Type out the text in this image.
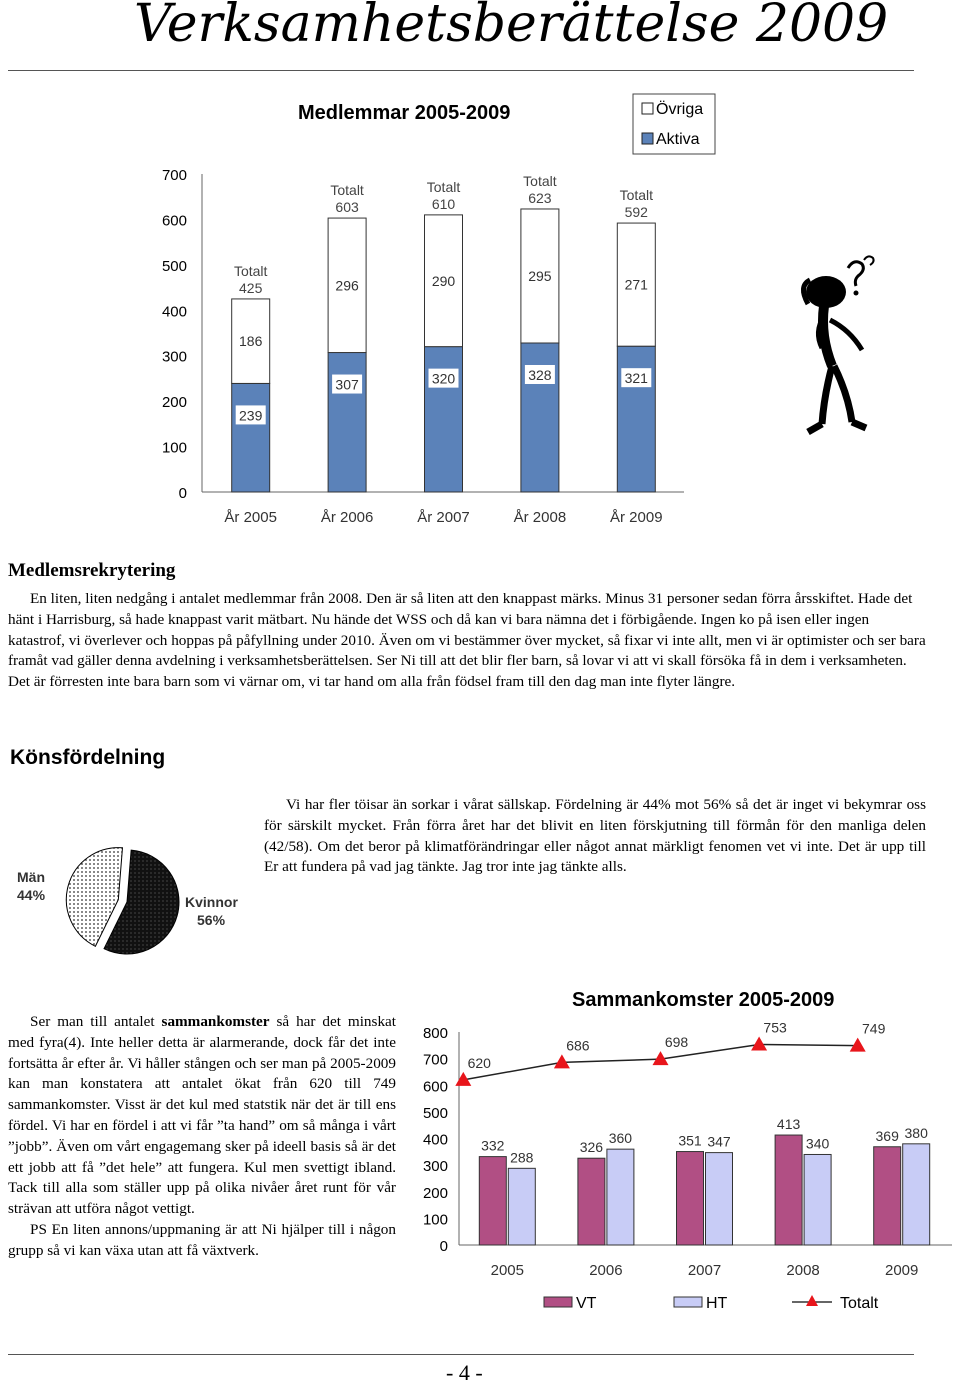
Verksamhetsberättelse 2009
Medlemmar 2005-2009	Övriga
Aktiva
0
100
200
300
400
500
600
700
239
186
Totalt
425
År 2005
307
296
Totalt
603
År 2006
320
290
Totalt
610
År 2007
328
295
Totalt
623
År 2008
321
271
Totalt
592
År 2009
Medlemsrekrytering
En liten, liten nedgång i antalet medlemmar från 2008. Den är så liten att den knappast märks. Minus 31 personer sedan förra årsskiftet. Hade det hänt i Harrisburg, så hade knappast varit mätbart. Nu hände det WSS och då kan vi bara nämna det i förbigående. Ingen ko på isen eller ingen katastrof, vi överlever och hoppas på påfyllning under 2010. Även om vi bestämmer över mycket, så fixar vi inte allt, men vi är optimister och ser bara framåt vad gäller denna avdelning i verksamhetsberättelsen. Ser Ni till att det blir fler barn, så lovar vi att vi skall försöka få in dem i verksamheten. Det är förresten inte bara barn som vi värnar om, vi tar hand om alla från födsel fram till den dag man inte flyter längre.
Könsfördelning
Män
44%	Kvinnor
56%
Vi har fler töisar än sorkar i vårat sällskap. Fördelning är 44% mot 56% så det är inget vi bekymrar oss för särskilt mycket. Från förra året har det blivit en liten förskjutning till förmån för den manliga delen (42/58). Om det beror på klimatförändringar eller något annat märkligt fenomen vet vi inte. Det är upp till Er att fundera på vad jag tänkte. Jag tror inte jag tänkte alls.
Ser man till antalet sammankomster så har det minskat med fyra(4). Inte heller detta är alarmerande, dock får det inte fortsätta år efter år. Vi håller stången och ser man på 2005-2009 kan man konstatera att antalet ökat från 620 till 749 sammankomster. Visst är det kul med statstik när det är till ens fördel. Vi har en fördel i att vi får ”ta hand” om så många i vårt ”jobb”. Även om vårt engagemang sker på ideell basis så är det ett jobb att få ”det hele” att fungera. Kul men svettigt ibland. Tack till alla som ställer upp på olika nivåer året runt för vår strävan att utföra något vettigt.
PS En liten annons/uppmaning är att Ni hjälper till i någon grupp så vi kan växa utan att få växtverk.
Sammankomster 2005-2009
0
100
200
300
400
500
600
700
800
332
288
2005
326
360
2006
351 347
2007
413
340
2008
369 380
2009
620
686	698
753	749
VT	HT	Totalt
- 4 -
